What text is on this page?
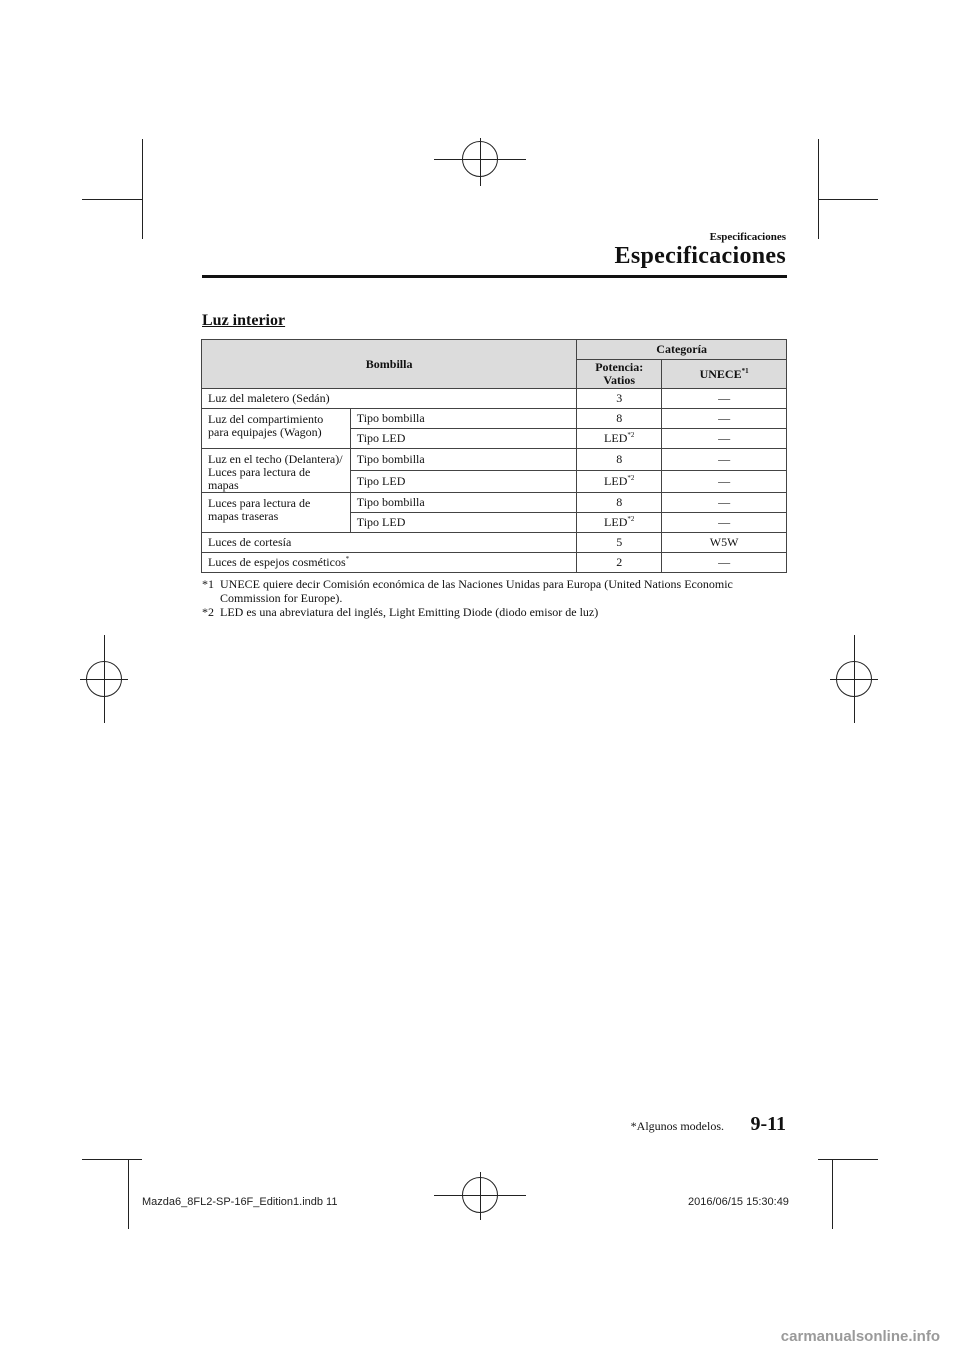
Especificaciones
Especificaciones
Luz interior
Bombilla		Categoría	
		Potencia: Vatios	UNECE$^{*1}$
Luz del maletero (Sedán)		3	—
Luz del compartimiento para equipajes (Wagon)	Tipo bombilla	8	—
	Tipo LED	LED$^{*2}$	—
Luz en el techo (Delantera)/ Luces para lectura de mapas	Tipo bombilla	8	—
	Tipo LED	LED$^{*2}$	—
Luces para lectura de mapas traseras	Tipo bombilla	8	—
	Tipo LED	LED$^{*2}$	—
Luces de cortesía		5	W5W
Luces de espejos cosméticos*		2	—
*1 UNECE quiere decir Comisión económica de las Naciones Unidas para Europa (United Nations Economic
Commission for Europe).
*2 LED es una abreviatura del inglés, Light Emitting Diode (diodo emisor de luz)
*Algunos modelos. 9-11
Mazda6_8FL2-SP-16F_Edition1.indb 11	2016/06/15 15:30:49
carmanualsonline.info
